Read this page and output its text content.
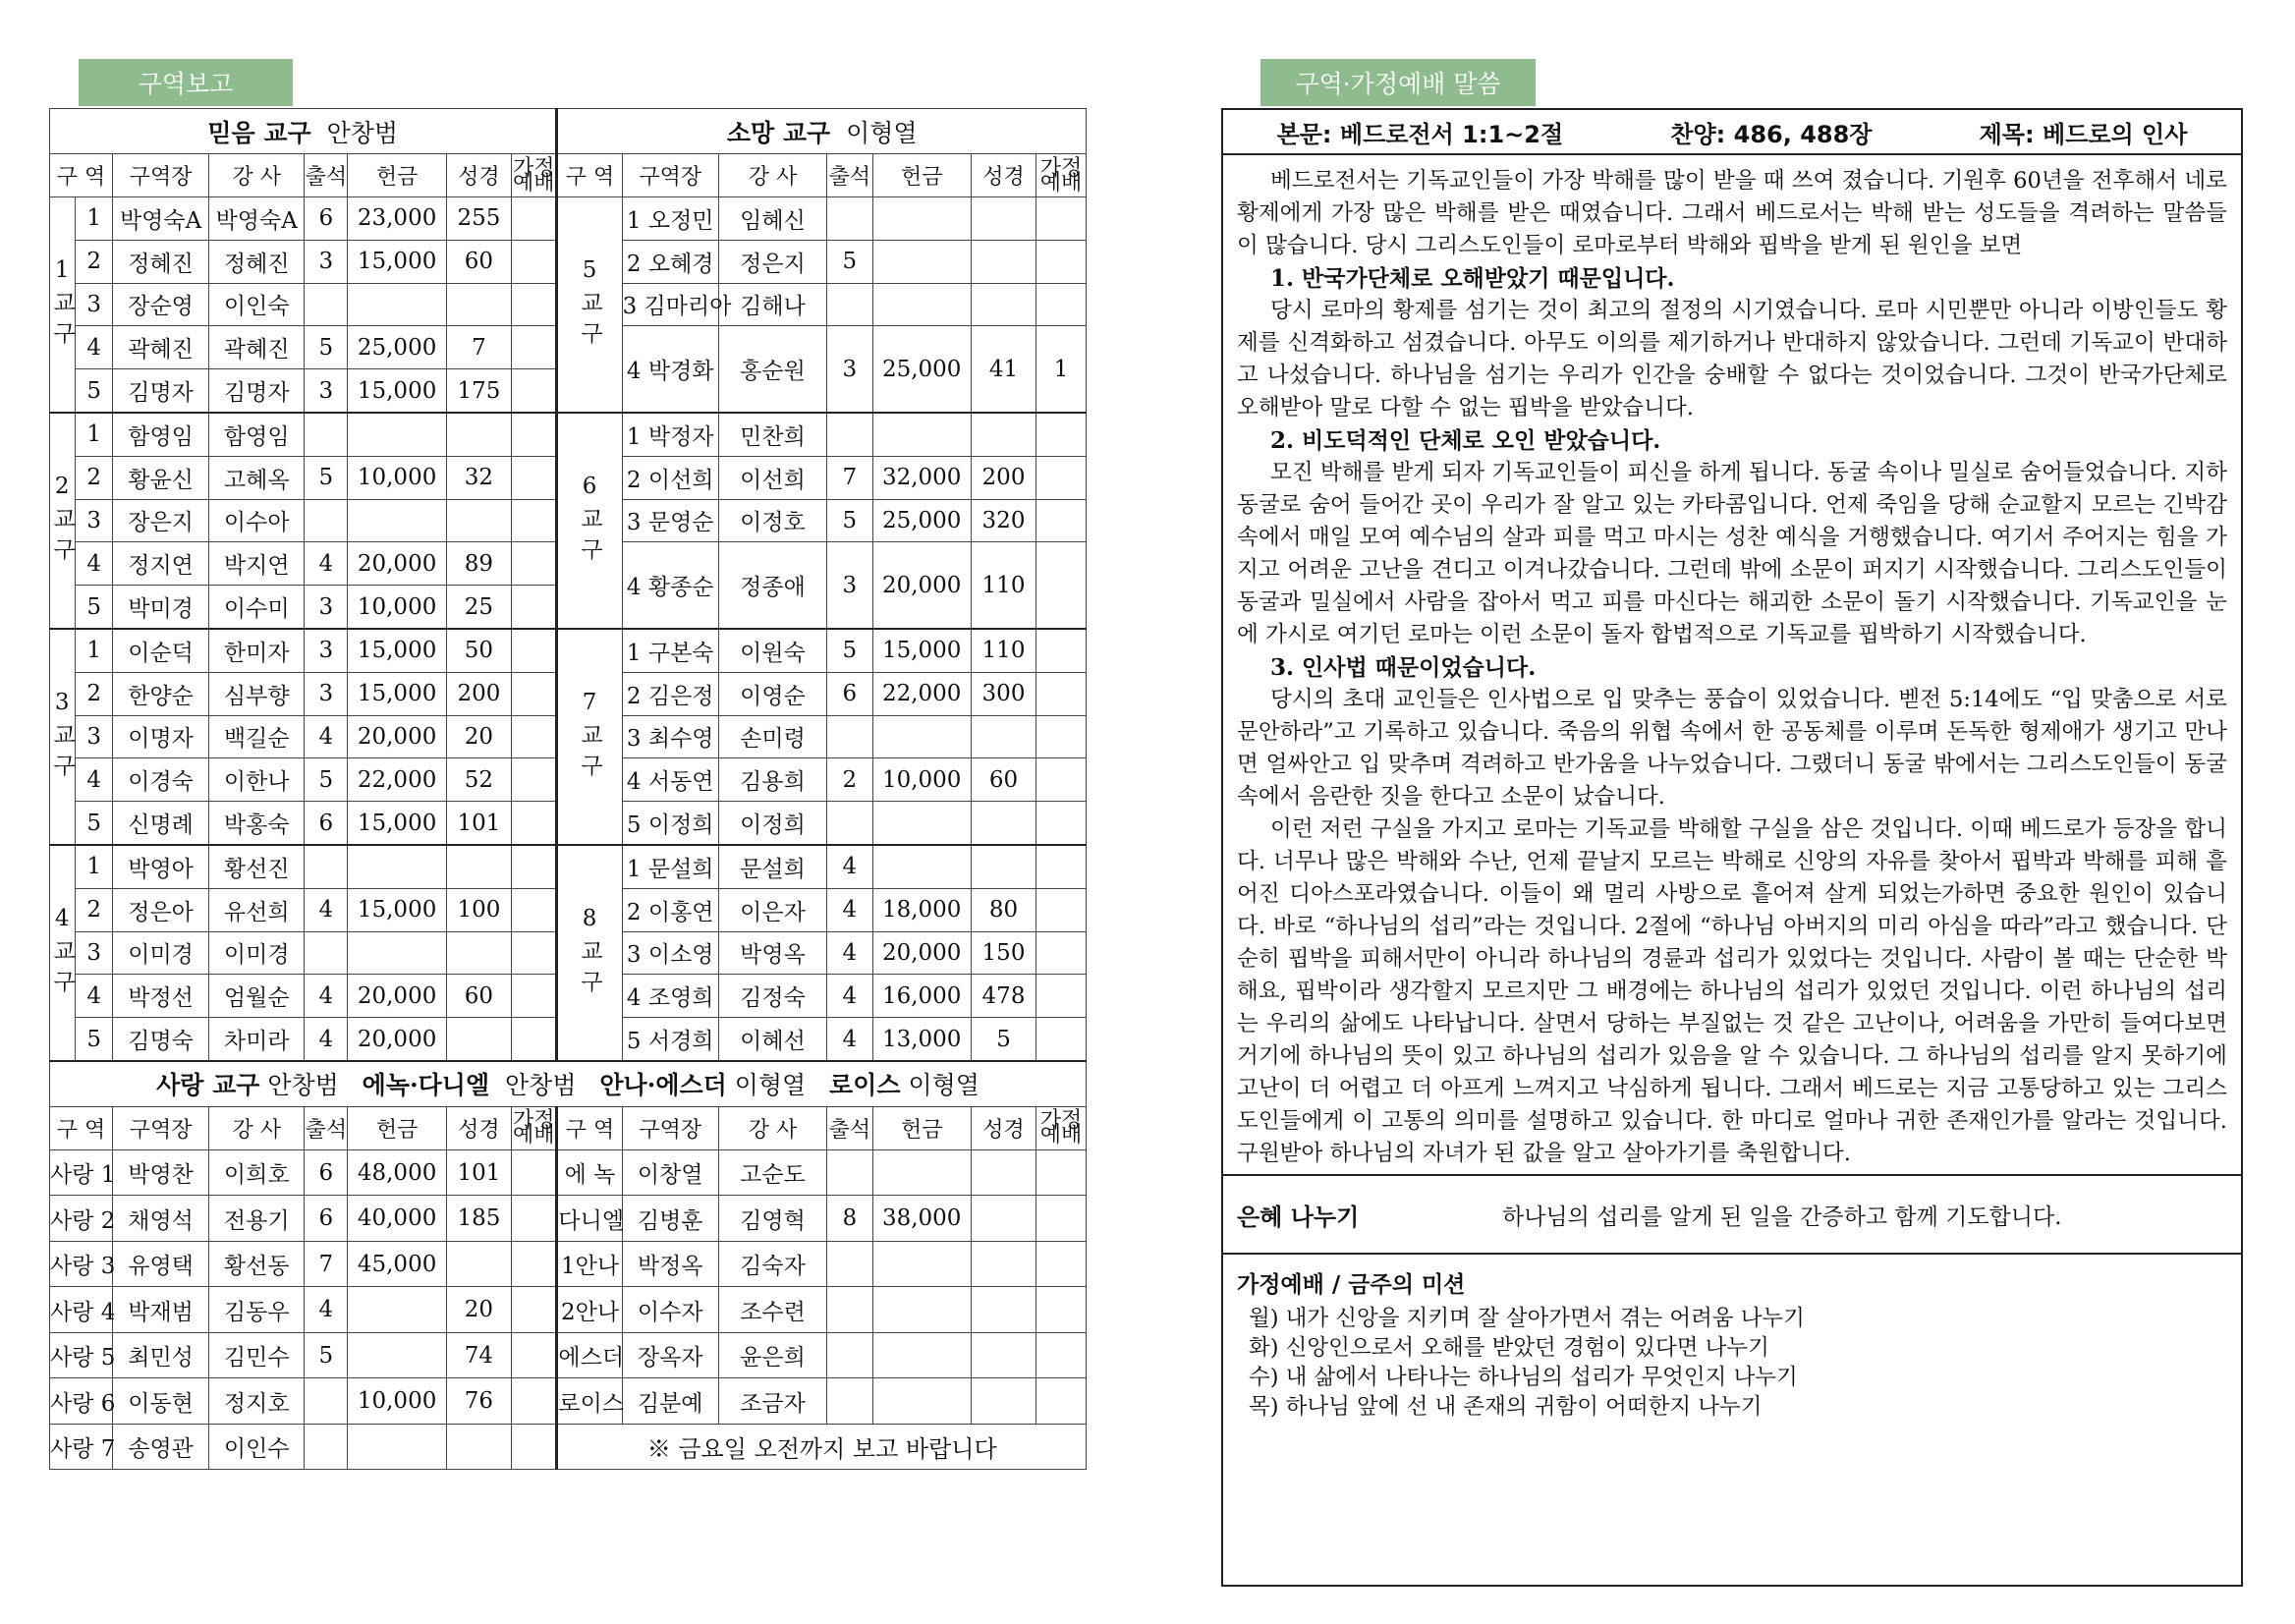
구역보고	구역·가정예배 말씀
믿음 교구 안창범								소망 교구 이형열						
구 역		구역장	강 사	출석	헌금	성경	가정예배	구 역	구역장	강 사	출석	헌금	성경	가정예배
1교구	1	박영숙A	박영숙A	6	23,000	255		5교구	1 오정민	임혜신				
	2	정혜진	정혜진	3	15,000	60			2 오혜경	정은지	5			
	3	장순영	이인숙						3 김마리아	김해나				
	4	곽혜진	곽혜진	5	25,000	7			4 박경화	홍순원	3	25,000	41	1
	5	김명자	김명자	3	15,000	175								
2교구	1	함영임	함영임					6교구	1 박정자	민찬희				
	2	황윤신	고혜옥	5	10,000	32			2 이선희	이선희	7	32,000	200	
	3	장은지	이수아						3 문영순	이정호	5	25,000	320	
	4	정지연	박지연	4	20,000	89			4 황종순	정종애	3	20,000	110	
	5	박미경	이수미	3	10,000	25								
3교구	1	이순덕	한미자	3	15,000	50		7교구	1 구본숙	이원숙	5	15,000	110	
	2	한양순	심부향	3	15,000	200			2 김은정	이영순	6	22,000	300	
	3	이명자	백길순	4	20,000	20			3 최수영	손미령				
	4	이경숙	이한나	5	22,000	52			4 서동연	김용희	2	10,000	60	
	5	신명례	박홍숙	6	15,000	101			5 이정희	이정희				
4교구	1	박영아	황선진					8교구	1 문설희	문설희	4			
	2	정은아	유선희	4	15,000	100			2 이홍연	이은자	4	18,000	80	
	3	이미경	이미경						3 이소영	박영옥	4	20,000	150	
	4	박정선	엄월순	4	20,000	60			4 조영희	김정숙	4	16,000	478	
	5	김명숙	차미라	4	20,000				5 서경희	이혜선	4	13,000	5	
사랑 교구 안창범 에녹·다니엘 안창범 안나·에스더 이형열 로이스 이형열														
구 역		구역장	강 사	출석	헌금	성경	가정예배	구 역	구역장	강 사	출석	헌금	성경	가정예배
사랑 1		박영찬	이희호	6	48,000	101		에 녹	이창열	고순도				
사랑 2		채영석	전용기	6	40,000	185		다니엘	김병훈	김영혁	8	38,000		
사랑 3		유영택	황선동	7	45,000			1안나	박정옥	김숙자				
사랑 4		박재범	김동우	4		20		2안나	이수자	조수련				
사랑 5		최민성	김민수	5		74		에스더	장옥자	윤은희				
사랑 6		이동현	정지호		10,000	76		로이스	김분예	조금자				
사랑 7		송영관	이인수					※ 금요일 오전까지 보고 바랍니다						
본문: 베드로전서 1:1~2절	찬양: 486, 488장	제목: 베드로의 인사

베드로전서는 기독교인들이 가장 박해를 많이 받을 때 쓰여 졌습니다. 기원후 60년을 전후해서 네로 황제에게 가장 많은 박해를 받은 때였습니다. 그래서 베드로서는 박해 받는 성도들을 격려하는 말씀들이 많습니다. 당시 그리스도인들이 로마로부터 박해와 핍박을 받게 된 원인을 보면

1. 반국가단체로 오해받았기 때문입니다.

당시 로마의 황제를 섬기는 것이 최고의 절정의 시기였습니다. 로마 시민뿐만 아니라 이방인들도 황제를 신격화하고 섬겼습니다. 아무도 이의를 제기하거나 반대하지 않았습니다. 그런데 기독교이 반대하고 나섰습니다. 하나님을 섬기는 우리가 인간을 숭배할 수 없다는 것이었습니다. 그것이 반국가단체로 오해받아 말로 다할 수 없는 핍박을 받았습니다.

2. 비도덕적인 단체로 오인 받았습니다.

모진 박해를 받게 되자 기독교인들이 피신을 하게 됩니다. 동굴 속이나 밀실로 숨어들었습니다. 지하 동굴로 숨어 들어간 곳이 우리가 잘 알고 있는 카타콤입니다. 언제 죽임을 당해 순교할지 모르는 긴박감 속에서 매일 모여 예수님의 살과 피를 먹고 마시는 성찬 예식을 거행했습니다. 여기서 주어지는 힘을 가지고 어려운 고난을 견디고 이겨나갔습니다. 그런데 밖에 소문이 퍼지기 시작했습니다. 그리스도인들이 동굴과 밀실에서 사람을 잡아서 먹고 피를 마신다는 해괴한 소문이 돌기 시작했습니다. 기독교인을 눈에 가시로 여기던 로마는 이런 소문이 돌자 합법적으로 기독교를 핍박하기 시작했습니다.

3. 인사법 때문이었습니다.

당시의 초대 교인들은 인사법으로 입 맞추는 풍습이 있었습니다. 벧전 5:14에도 “입 맞춤으로 서로 문안하라”고 기록하고 있습니다. 죽음의 위협 속에서 한 공동체를 이루며 돈독한 형제애가 생기고 만나면 얼싸안고 입 맞추며 격려하고 반가움을 나누었습니다. 그랬더니 동굴 밖에서는 그리스도인들이 동굴 속에서 음란한 짓을 한다고 소문이 났습니다.

이런 저런 구실을 가지고 로마는 기독교를 박해할 구실을 삼은 것입니다. 이때 베드로가 등장을 합니다. 너무나 많은 박해와 수난, 언제 끝날지 모르는 박해로 신앙의 자유를 찾아서 핍박과 박해를 피해 흩어진 디아스포라였습니다. 이들이 왜 멀리 사방으로 흩어져 살게 되었는가하면 중요한 원인이 있습니다. 바로 “하나님의 섭리”라는 것입니다. 2절에 “하나님 아버지의 미리 아심을 따라”라고 했습니다. 단순히 핍박을 피해서만이 아니라 하나님의 경륜과 섭리가 있었다는 것입니다. 사람이 볼 때는 단순한 박해요, 핍박이라 생각할지 모르지만 그 배경에는 하나님의 섭리가 있었던 것입니다. 이런 하나님의 섭리는 우리의 삶에도 나타납니다. 살면서 당하는 부질없는 것 같은 고난이나, 어려움을 가만히 들여다보면 거기에 하나님의 뜻이 있고 하나님의 섭리가 있음을 알 수 있습니다. 그 하나님의 섭리를 알지 못하기에 고난이 더 어렵고 더 아프게 느껴지고 낙심하게 됩니다. 그래서 베드로는 지금 고통당하고 있는 그리스도인들에게 이 고통의 의미를 설명하고 있습니다. 한 마디로 얼마나 귀한 존재인가를 알라는 것입니다. 구원받아 하나님의 자녀가 된 값을 알고 살아가기를 축원합니다.

은혜 나누기	하나님의 섭리를 알게 된 일을 간증하고 함께 기도합니다.
가정예배 / 금주의 미션
월) 내가 신앙을 지키며 잘 살아가면서 겪는 어려움 나누기
화) 신앙인으로서 오해를 받았던 경험이 있다면 나누기
수) 내 삶에서 나타나는 하나님의 섭리가 무엇인지 나누기
목) 하나님 앞에 선 내 존재의 귀함이 어떠한지 나누기
